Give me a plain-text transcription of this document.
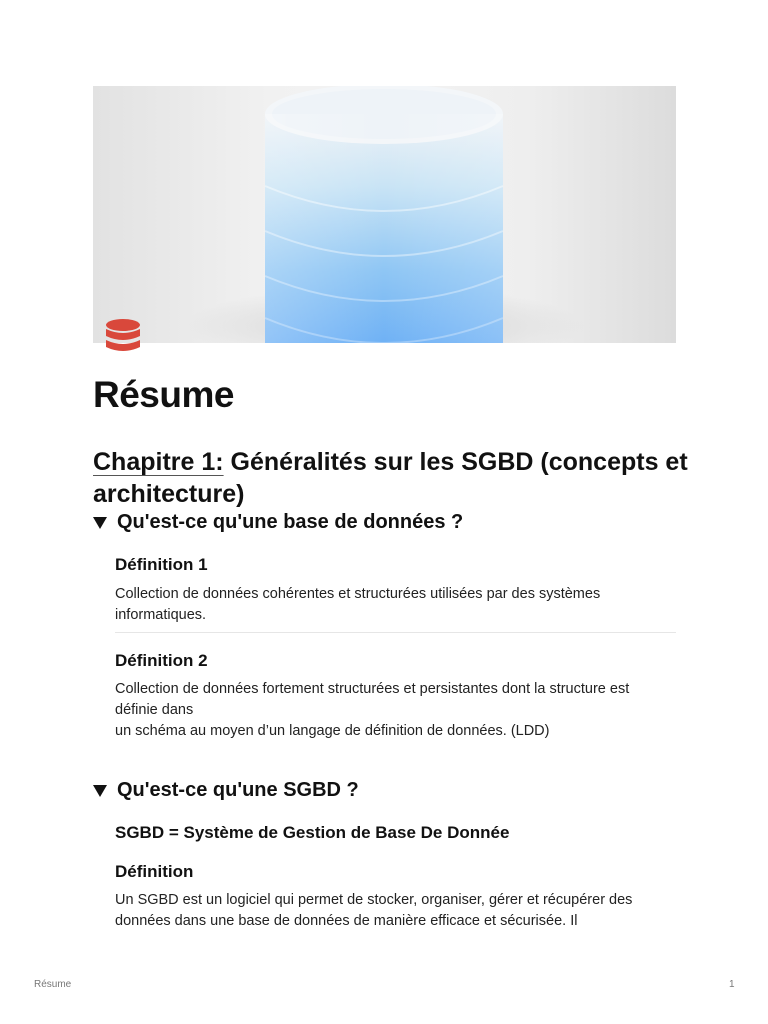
Résume
Chapitre 1: Généralités sur les SGBD (concepts et architecture)
Qu'est-ce qu'une base de données ?
Définition 1

Collection de données cohérentes et structurées utilisées par des systèmes informatiques.

Définition 2

Collection de données fortement structurées et persistantes dont la structure est définie dans
un schéma au moyen d’un langage de définition de données. (LDD)

Qu'est-ce qu'une SGBD ?
SGBD = Système de Gestion de Base De Donnée
Définition

Un SGBD est un logiciel qui permet de stocker, organiser, gérer et récupérer des données dans une base de données de manière efficace et sécurisée. Il

Résume	1
